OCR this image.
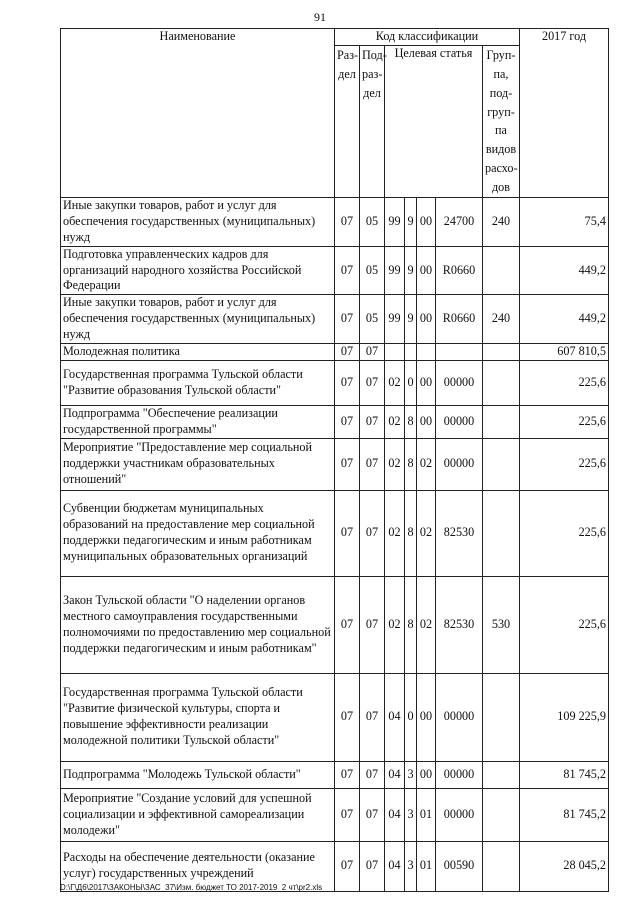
91
Наименование	Код классификации							2017 год
	Раз- дел	Под- раз- дел	Целевая статья				Груп- па, под- груп- па видов расхо- дов	
Иные закупки товаров, работ и услуг для обеспечения государственных (муниципальных) нужд	07	05	99	9	00	24700	240	75,4
Подготовка управленческих кадров для организаций народного хозяйства Российской Федерации	07	05	99	9	00	R0660		449,2
Иные закупки товаров, работ и услуг для обеспечения государственных (муниципальных) нужд	07	05	99	9	00	R0660	240	449,2
Молодежная политика	07	07						607 810,5
Государственная программа Тульской области "Развитие образования Тульской области"	07	07	02	0	00	00000		225,6
Подпрограмма "Обеспечение реализации государственной программы"	07	07	02	8	00	00000		225,6
Мероприятие "Предоставление мер социальной поддержки участникам образовательных отношений"	07	07	02	8	02	00000		225,6
Субвенции бюджетам муниципальных образований на предоставление мер социальной поддержки педагогическим и иным работникам муниципальных образовательных организаций	07	07	02	8	02	82530		225,6
Закон Тульской области "О наделении органов местного самоуправления государственными полномочиями по предоставлению мер социальной поддержки педагогическим и иным работникам"	07	07	02	8	02	82530	530	225,6
Государственная программа Тульской области "Развитие физической культуры, спорта и повышение эффективности реализации молодежной политики Тульской области"	07	07	04	0	00	00000		109 225,9
Подпрограмма "Молодежь Тульской области"	07	07	04	3	00	00000		81 745,2
Мероприятие "Создание условий для успешной социализации и эффективной самореализации молодежи"	07	07	04	3	01	00000		81 745,2
Расходы на обеспечение деятельности (оказание услуг) государственных учреждений	07	07	04	3	01	00590		28 045,2
D:\Г\Д6\2017\ЗАКОНЫ\ЗАС_37\Изм. бюджет ТО 2017-2019_2 чт\pr2.xls
